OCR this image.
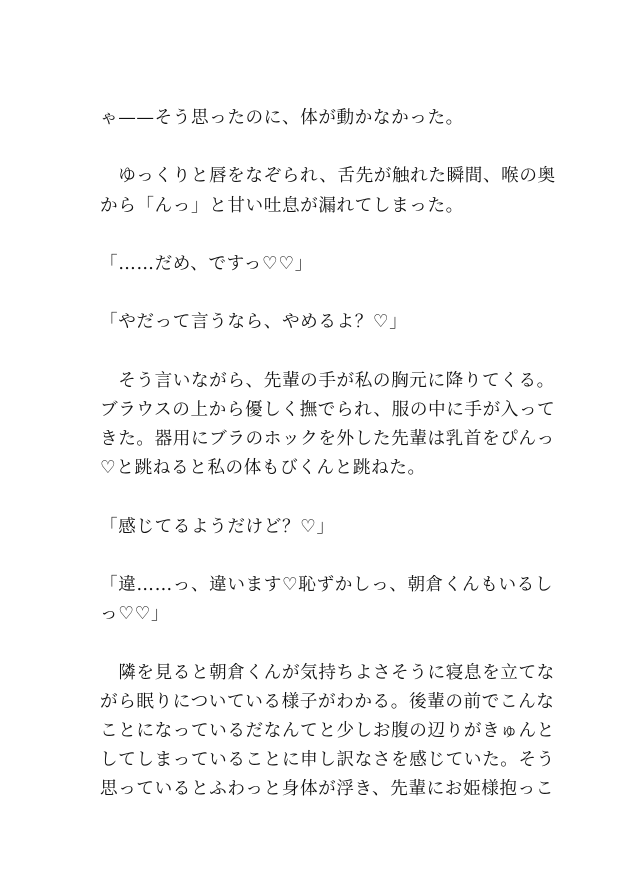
ゃ——そう思ったのに、体が動かなかった。
　ゆっくりと唇をなぞられ、舌先が触れた瞬間、喉の奥
から「んっ」と甘い吐息が漏れてしまった。
「……だめ、ですっ♡♡」
「やだって言うなら、やめるよ？♡」
　そう言いながら、先輩の手が私の胸元に降りてくる。
ブラウスの上から優しく撫でられ、服の中に手が入って
きた。器用にブラのホックを外した先輩は乳首をぴんっ
♡と跳ねると私の体もびくんと跳ねた。
「感じてるようだけど？♡」
「違……っ、違います♡恥ずかしっ、朝倉くんもいるし
っ♡♡」
　隣を見ると朝倉くんが気持ちよさそうに寝息を立てな
がら眠りについている様子がわかる。後輩の前でこんな
ことになっているだなんてと少しお腹の辺りがきゅんと
してしまっていることに申し訳なさを感じていた。そう
思っているとふわっと身体が浮き、先輩にお姫様抱っこ
